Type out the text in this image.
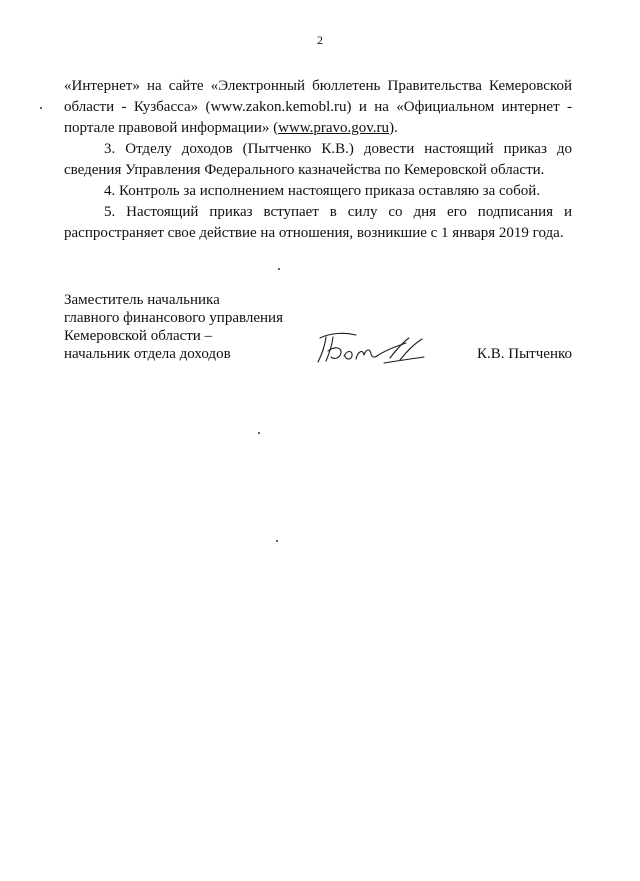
2

«Интернет» на сайте «Электронный бюллетень Правительства Кемеровской области - Кузбасса» (www.zakon.kemobl.ru) и на «Официальном интернет - портале правовой информации» (www.pravo.gov.ru).

3. Отделу доходов (Пытченко К.В.) довести настоящий приказ до сведения Управления Федерального казначейства по Кемеровской области.

4. Контроль за исполнением настоящего приказа оставляю за собой.

5. Настоящий приказ вступает в силу со дня его подписания и распространяет свое действие на отношения, возникшие с 1 января 2019 года.

Заместитель начальника
главного финансового управления
Кемеровской области –
начальник отдела доходов	К.В. Пытченко
